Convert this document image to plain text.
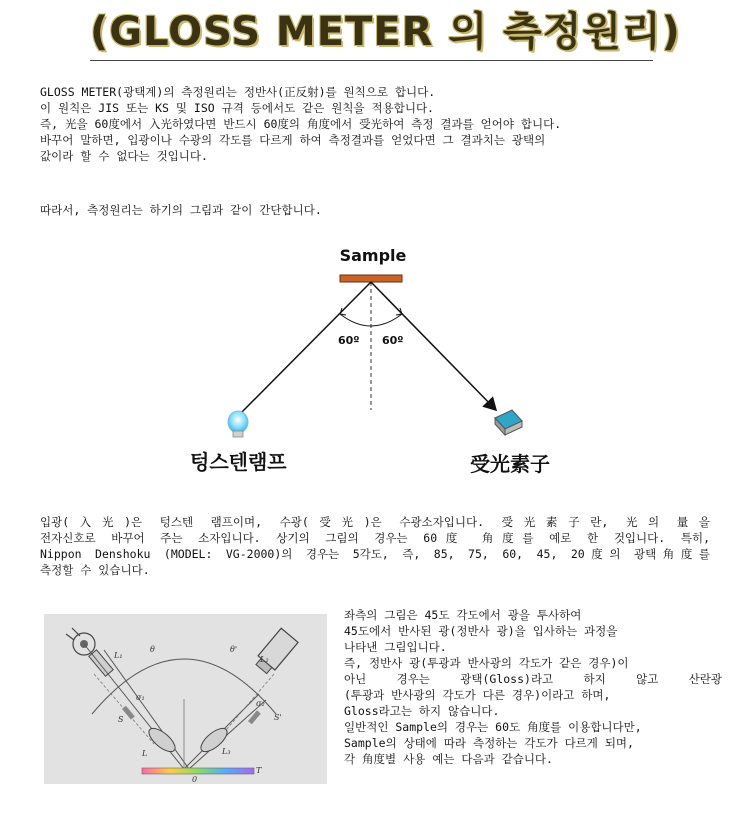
(GLOSS METER 의 측정원리)
GLOSS METER(광택계)의 측정원리는 정반사(正反射)를 원칙으로 합니다.
이 원칙은 JIS 또는 KS 및 ISO 규격 등에서도 같은 원칙을 적용합니다.
즉, 光을 60度에서 入光하였다면 반드시 60度의 角度에서 受光하여 측정 결과를 얻어야 합니다.
바꾸어 말하면, 입광이나 수광의 각도를 다르게 하여 측정결과를 얻었다면 그 결과치는 광택의
값이라 할 수 없다는 것입니다.
따라서, 측정원리는 하기의 그림과 같이 간단합니다.
Sample
60º 60º
텅스텐램프	受光素子
입광(入光)은 텅스텐 램프이며, 수광(受光)은 수광소자입니다. 受光素子란, 光의 量을
전자신호로 바꾸어 주는 소자입니다. 상기의 그림의 경우는 60度 角度를 예로 한 것입니다. 특히,
Nippon Denshoku (MODEL: VG-2000)의 경우는 5각도, 즉, 85, 75, 60, 45, 20度의 광택角度를
측정할 수 있습니다.
L₁
θ	θ'
L₂
σ₁
σ₂
S	S'
L	L₃
T
0
좌측의 그림은 45도 각도에서 광을 투사하여
45도에서 반사된 광(정반사 광)을 입사하는 과정을
나타낸 그림입니다.
즉, 정반사 광(투광과 반사광의 각도가 같은 경우)이
아닌 경우는 광택(Gloss)라고 하지 않고 산란광
(투광과 반사광의 각도가 다른 경우)이라고 하며,
Gloss라고는 하지 않습니다.
일반적인 Sample의 경우는 60도 角度를 이용합니다만,
Sample의 상태에 따라 측정하는 각도가 다르게 되며,
각 角度별 사용 예는 다음과 같습니다.
